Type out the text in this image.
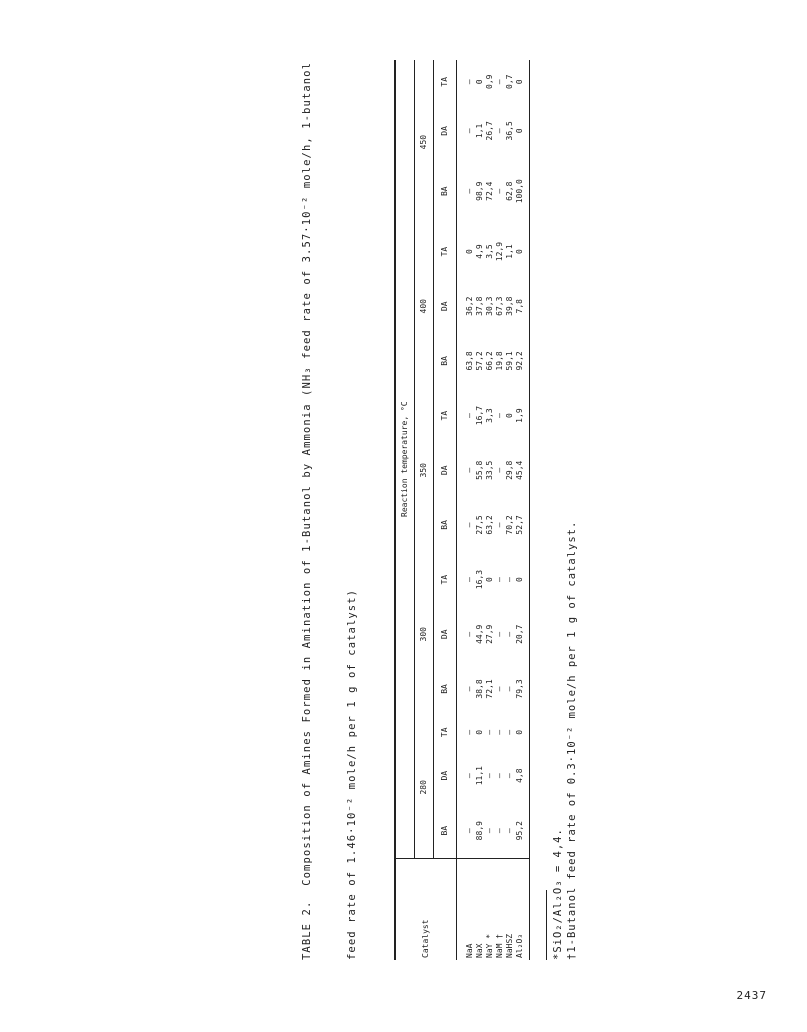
TABLE 2.  Composition of Amines Formed in Amination of 1-Butanol by Ammonia (NH₃ feed rate of 3.57·10⁻² mole/h, 1-butanol

	feed rate of 1.46·10⁻² mole/h per 1 g of catalyst)

	Catalyst	Reaction temperature, °C														
	280			300			350			400			450		
	BA	DA	TA	BA	DA	TA	BA	DA	TA	BA	DA	TA	BA	DA	TA
NaA	—	—	—	—	—	—	—	—	—	63,8	36,2	0	—	—	—
NaX	88,9	11,1	0	38,8	44,9	16,3	27,5	55,8	16,7	57,2	37,8	4,9	98,9	1,1	0
NaY *	—	—	—	72,1	27,9	0	63,2	33,5	3,3	66,2	30,3	3,5	72,4	26,7	0,9
NaM †	—	—	—	—	—	—	—	—	—	19,8	67,3	12,9	—	—	—
NaHSZ	—	—	—	—	—	—	70,2	29,8	0	59,1	39,8	1,1	62,8	36,5	0,7
Al₂O₃	95,2	4,8	0	79,3	20,7	0	52,7	45,4	1,9	92,2	7,8	0	100,0	0	0
*SiO₂/Al₂O₃ = 4,4. †1-Butanol feed rate of 0.3·10⁻² mole/h per 1 g of catalyst.
2437
